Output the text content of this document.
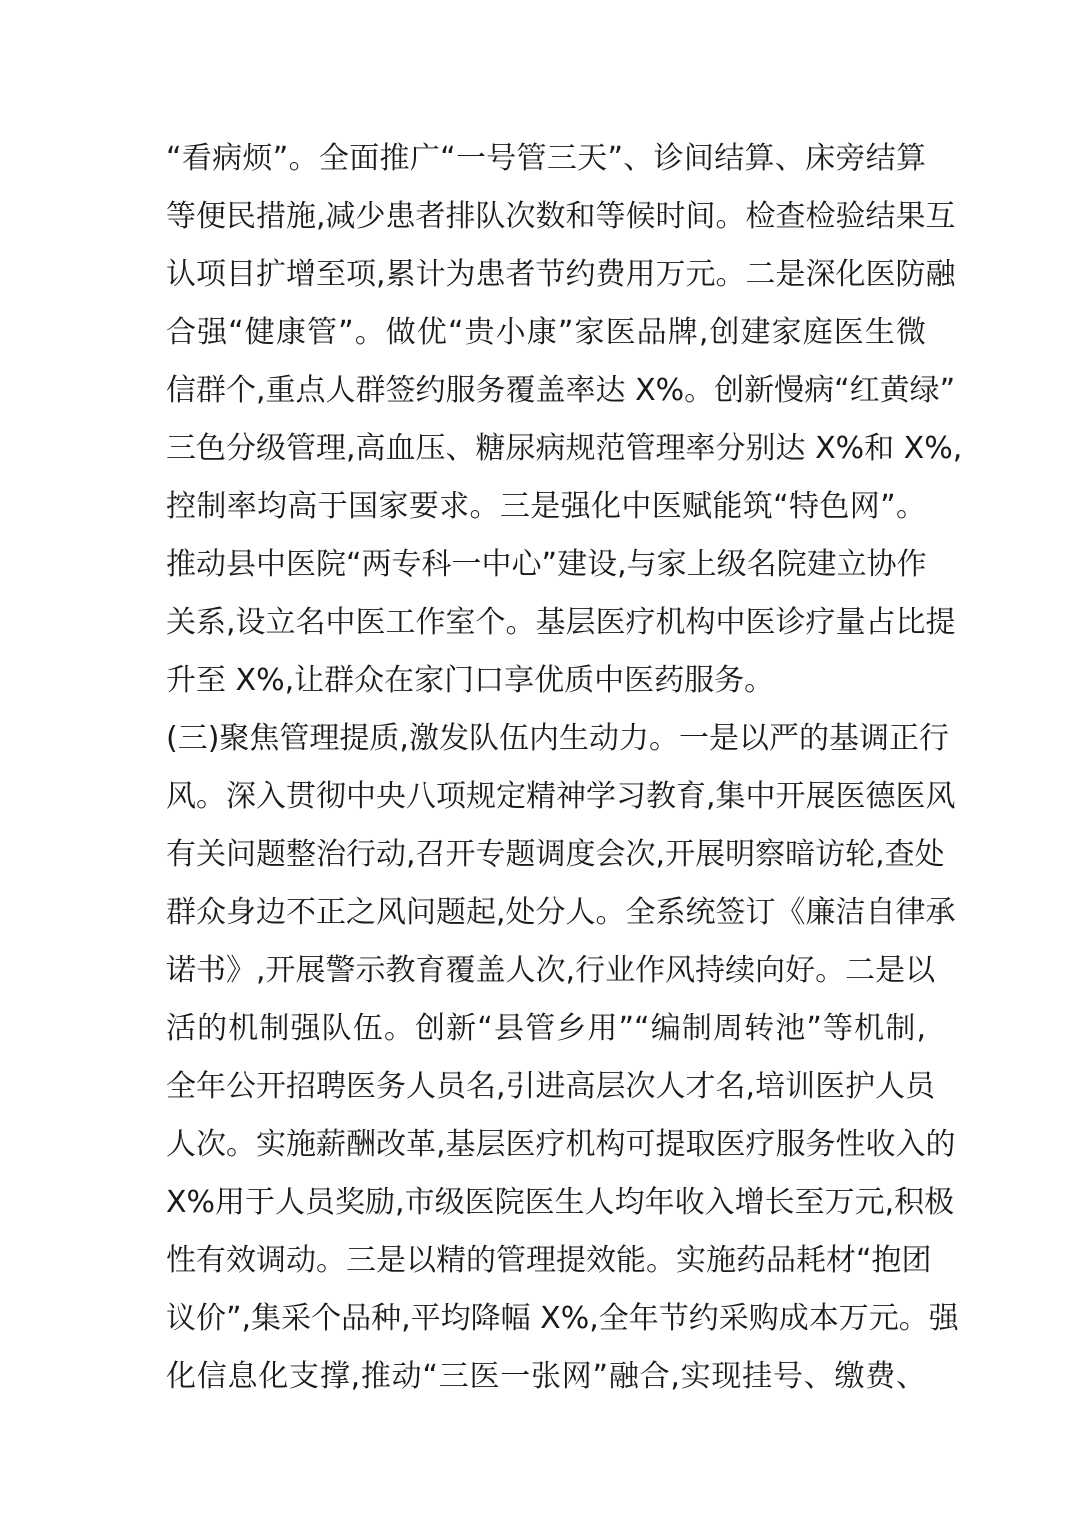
“看病烦”。全面推广“一号管三天”、诊间结算、床旁结算
等便民措施,减少患者排队次数和等候时间。检查检验结果互
认项目扩增至项,累计为患者节约费用万元。二是深化医防融
合强“健康管”。做优“贵小康”家医品牌,创建家庭医生微
信群个,重点人群签约服务覆盖率达 X%。创新慢病“红黄绿”
三色分级管理,高血压、糖尿病规范管理率分别达 X%和 X%,
控制率均高于国家要求。三是强化中医赋能筑“特色网”。
推动县中医院“两专科一中心”建设,与家上级名院建立协作
关系,设立名中医工作室个。基层医疗机构中医诊疗量占比提
升至 X%,让群众在家门口享优质中医药服务。
(三)聚焦管理提质,激发队伍内生动力。一是以严的基调正行
风。深入贯彻中央八项规定精神学习教育,集中开展医德医风
有关问题整治行动,召开专题调度会次,开展明察暗访轮,查处
群众身边不正之风问题起,处分人。全系统签订《廉洁自律承
诺书》,开展警示教育覆盖人次,行业作风持续向好。二是以
活的机制强队伍。创新“县管乡用”“编制周转池”等机制,
全年公开招聘医务人员名,引进高层次人才名,培训医护人员
人次。实施薪酬改革,基层医疗机构可提取医疗服务性收入的
X%用于人员奖励,市级医院医生人均年收入增长至万元,积极
性有效调动。三是以精的管理提效能。实施药品耗材“抱团
议价”,集采个品种,平均降幅 X%,全年节约采购成本万元。强
化信息化支撑,推动“三医一张网”融合,实现挂号、缴费、
